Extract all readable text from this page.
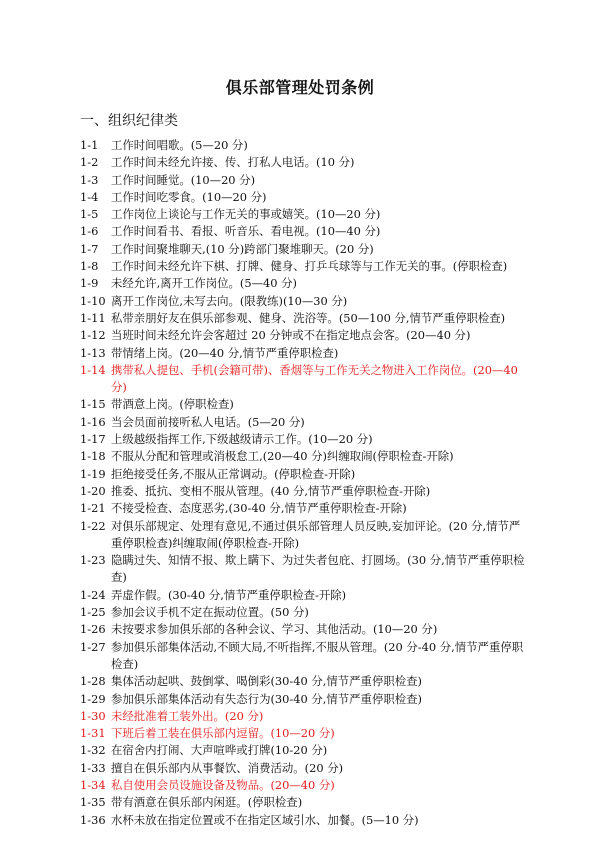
俱乐部管理处罚条例
一、组织纪律类
1-1	工作时间唱歌。(5—20 分)
1-2	工作时间未经允许接、传、打私人电话。(10 分)
1-3	工作时间睡觉。(10—20 分)
1-4	工作时间吃零食。(10—20 分)
1-5	工作岗位上谈论与工作无关的事或嬉笑。(10—20 分)
1-6	工作时间看书、看报、听音乐、看电视。(10—40 分)
1-7	工作时间聚堆聊天,(10 分)跨部门聚堆聊天。(20 分)
1-8	工作时间未经允许下棋、打牌、健身、打乒乓球等与工作无关的事。(停职检查)
1-9	未经允许,离开工作岗位。(5—40 分)
1-10 离开工作岗位,未写去向。(限教练)(10—30 分)
1-11 私带亲朋好友在俱乐部参观、健身、洗浴等。(50—100 分,情节严重停职检查)
1-12 当班时间未经允许会客超过 20 分钟或不在指定地点会客。(20—40 分)
1-13 带情绪上岗。(20—40 分,情节严重停职检查)
1-14 携带私人提包、手机(会籍可带)、香烟等与工作无关之物进入工作岗位。(20—40 分)
1-15 带酒意上岗。(停职检查)
1-16 当会员面前接听私人电话。(5—20 分)
1-17 上级越级指挥工作,下级越级请示工作。(10—20 分)
1-18 不服从分配和管理或消极怠工,(20—40 分)纠缠取闹(停职检查-开除)
1-19 拒绝接受任务,不服从正常调动。(停职检查-开除)
1-20 推委、抵抗、变相不服从管理。(40 分,情节严重停职检查-开除)
1-21 不接受检查、态度恶劣,(30-40 分,情节严重停职检查-开除)
1-22 对俱乐部规定、处理有意见,不通过俱乐部管理人员反映,妄加评论。(20 分,情节严重停职检查)纠缠取闹(停职检查-开除)
1-23 隐瞒过失、知情不报、欺上瞒下、为过失者包庇、打圆场。(30 分,情节严重停职检查)
1-24 弄虚作假。(30-40 分,情节严重停职检查-开除)
1-25 参加会议手机不定在振动位置。(50 分)
1-26 未按要求参加俱乐部的各种会议、学习、其他活动。(10—20 分)
1-27 参加俱乐部集体活动,不顾大局,不听指挥,不服从管理。(20 分-40 分,情节严重停职检查)
1-28 集体活动起哄、鼓倒掌、喝倒彩(30-40 分,情节严重停职检查)
1-29 参加俱乐部集体活动有失态行为(30-40 分,情节严重停职检查)
1-30 未经批准着工装外出。(20 分)
1-31 下班后着工装在俱乐部内逗留。(10—20 分)
1-32 在宿舍内打闹、大声喧哗或打牌(10-20 分)
1-33 擅自在俱乐部内从事餐饮、消费活动。(20 分)
1-34 私自使用会员设施设备及物品。(20—40 分)
1-35 带有酒意在俱乐部内闲逛。(停职检查)
1-36 水杯未放在指定位置或不在指定区域引水、加餐。(5—10 分)
